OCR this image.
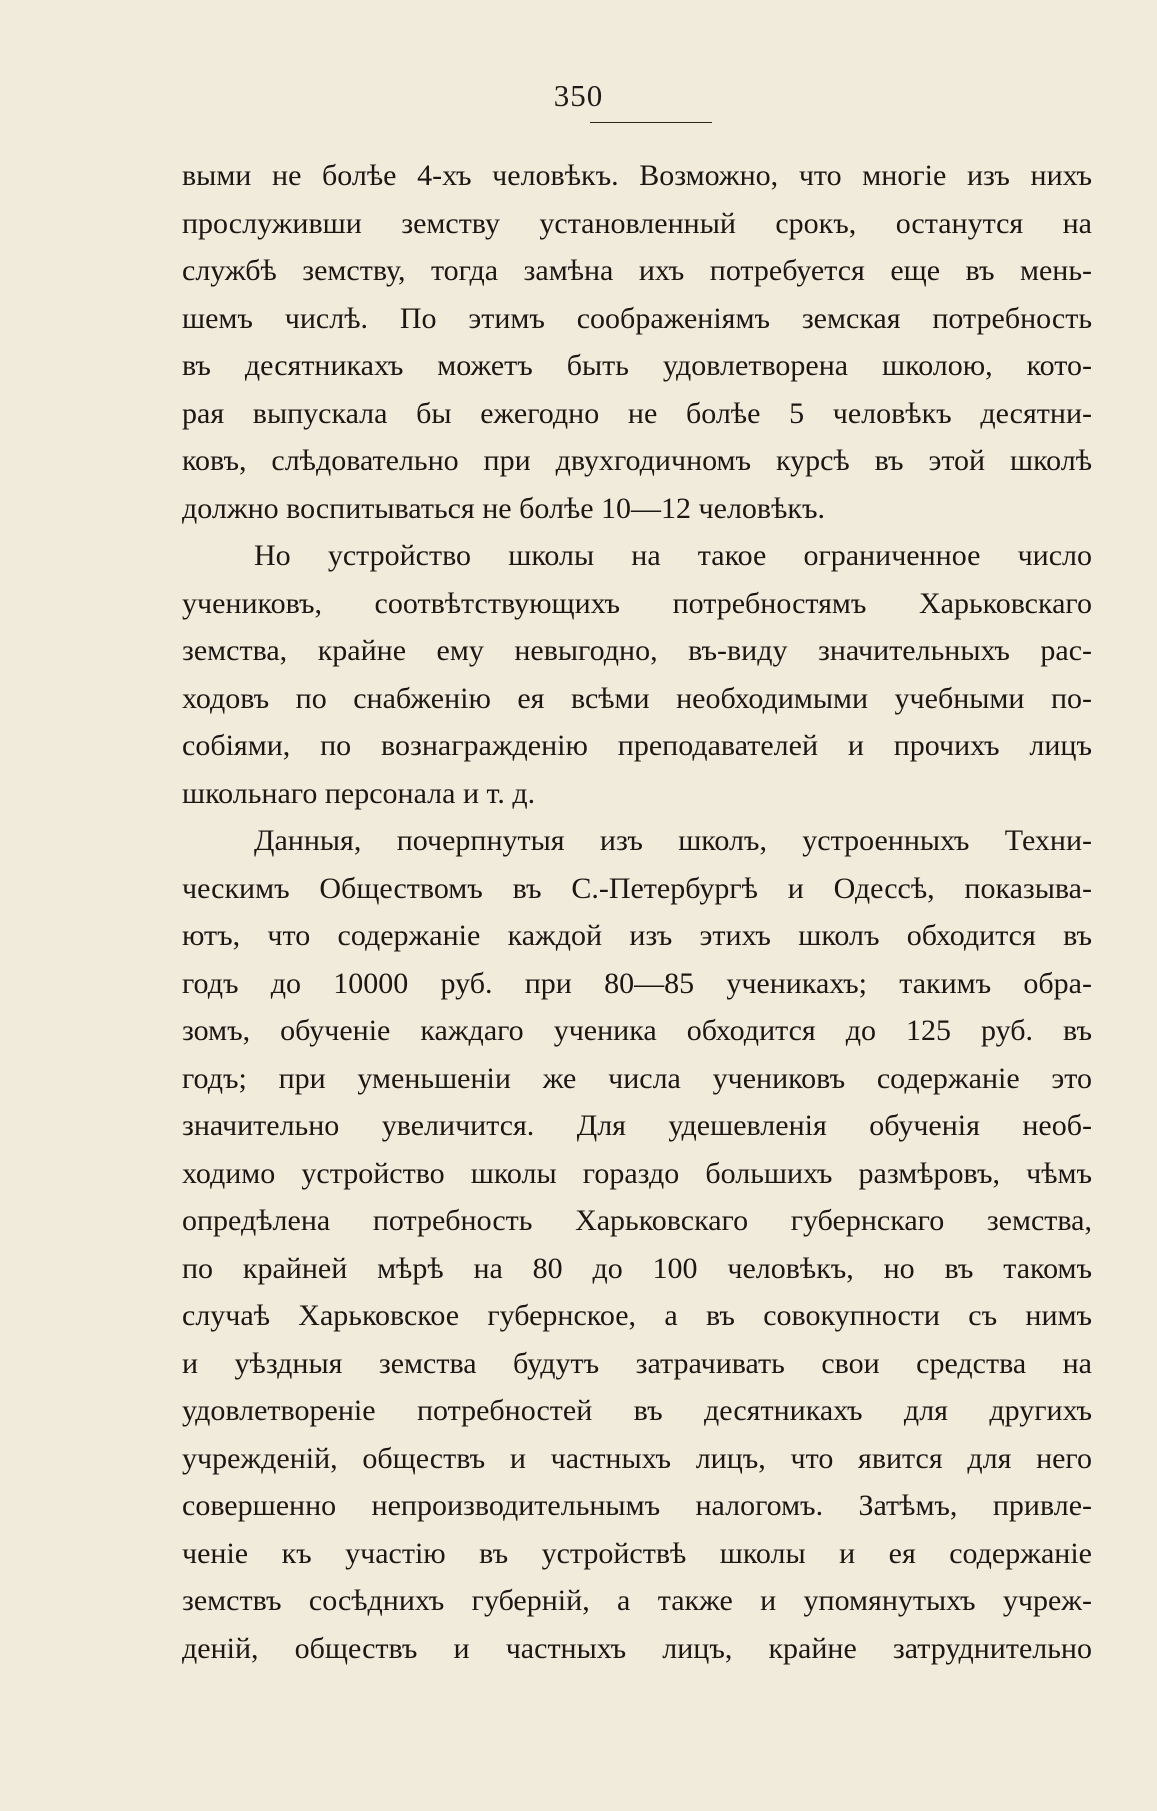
350
выми не болѣе 4-хъ человѣкъ. Возможно, что многіе изъ нихъ
прослуживши земству установленный срокъ, останутся на
службѣ земству, тогда замѣна ихъ потребуется еще въ мень-
шемъ числѣ. По этимъ соображеніямъ земская потребность
въ десятникахъ можетъ быть удовлетворена школою, кото-
рая выпускала бы ежегодно не болѣе 5 человѣкъ десятни-
ковъ, слѣдовательно при двухгодичномъ курсѣ въ этой школѣ
должно воспитываться не болѣе 10—12 человѣкъ.
Но устройство школы на такое ограниченное число
учениковъ, соотвѣтствующихъ потребностямъ Харьковскаго
земства, крайне ему невыгодно, въ-виду значительныхъ рас-
ходовъ по снабженію ея всѣми необходимыми учебными по-
собіями, по вознагражденію преподавателей и прочихъ лицъ
школьнаго персонала и т. д.
Данныя, почерпнутыя изъ школъ, устроенныхъ Техни-
ческимъ Обществомъ въ С.-Петербургѣ и Одессѣ, показыва-
ютъ, что содержаніе каждой изъ этихъ школъ обходится въ
годъ до 10000 руб. при 80—85 ученикахъ; такимъ обра-
зомъ, обученіе каждаго ученика обходится до 125 руб. въ
годъ; при уменьшеніи же числа учениковъ содержаніе это
значительно увеличится. Для удешевленія обученія необ-
ходимо устройство школы гораздо большихъ размѣровъ, чѣмъ
опредѣлена потребность Харьковскаго губернскаго земства,
по крайней мѣрѣ на 80 до 100 человѣкъ, но въ такомъ
случаѣ Харьковское губернское, а въ совокупности съ нимъ
и уѣздныя земства будутъ затрачивать свои средства на
удовлетвореніе потребностей въ десятникахъ для другихъ
учрежденій, обществъ и частныхъ лицъ, что явится для него
совершенно непроизводительнымъ налогомъ. Затѣмъ, привле-
ченіе къ участію въ устройствѣ школы и ея содержаніе
земствъ сосѣднихъ губерній, а также и упомянутыхъ учреж-
деній, обществъ и частныхъ лицъ, крайне затруднительно
